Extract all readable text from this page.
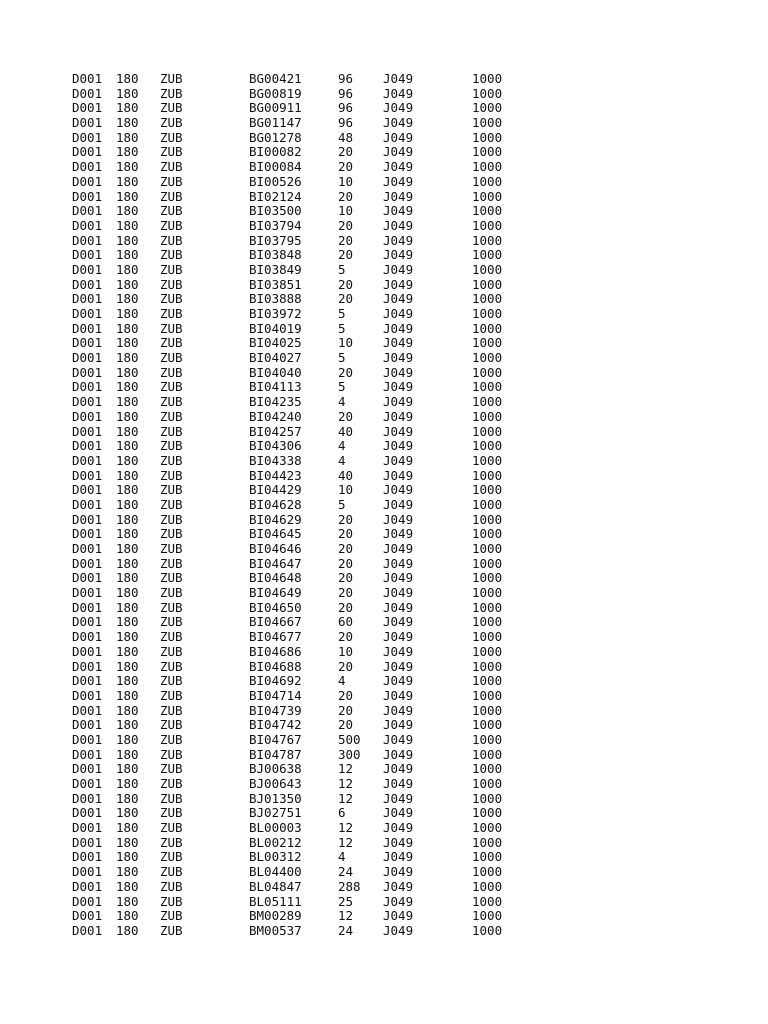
D001 180 ZUB	BG00421	96 J049	1000
D001 180 ZUB	BG00819	96 J049	1000
D001 180 ZUB	BG00911	96 J049	1000
D001 180 ZUB	BG01147	96 J049	1000
D001 180 ZUB	BG01278	48 J049	1000
D001 180 ZUB	BI00082	20 J049	1000
D001 180 ZUB	BI00084	20 J049	1000
D001 180 ZUB	BI00526	10 J049	1000
D001 180 ZUB	BI02124	20 J049	1000
D001 180 ZUB	BI03500	10 J049	1000
D001 180 ZUB	BI03794	20 J049	1000
D001 180 ZUB	BI03795	20 J049	1000
D001 180 ZUB	BI03848	20 J049	1000
D001 180 ZUB	BI03849	5	J049	1000
D001 180 ZUB	BI03851	20 J049	1000
D001 180 ZUB	BI03888	20 J049	1000
D001 180 ZUB	BI03972	5	J049	1000
D001 180 ZUB	BI04019	5	J049	1000
D001 180 ZUB	BI04025	10 J049	1000
D001 180 ZUB	BI04027	5	J049	1000
D001 180 ZUB	BI04040	20 J049	1000
D001 180 ZUB	BI04113	5	J049	1000
D001 180 ZUB	BI04235	4	J049	1000
D001 180 ZUB	BI04240	20 J049	1000
D001 180 ZUB	BI04257	40 J049	1000
D001 180 ZUB	BI04306	4	J049	1000
D001 180 ZUB	BI04338	4	J049	1000
D001 180 ZUB	BI04423	40 J049	1000
D001 180 ZUB	BI04429	10 J049	1000
D001 180 ZUB	BI04628	5	J049	1000
D001 180 ZUB	BI04629	20 J049	1000
D001 180 ZUB	BI04645	20 J049	1000
D001 180 ZUB	BI04646	20 J049	1000
D001 180 ZUB	BI04647	20 J049	1000
D001 180 ZUB	BI04648	20 J049	1000
D001 180 ZUB	BI04649	20 J049	1000
D001 180 ZUB	BI04650	20 J049	1000
D001 180 ZUB	BI04667	60 J049	1000
D001 180 ZUB	BI04677	20 J049	1000
D001 180 ZUB	BI04686	10 J049	1000
D001 180 ZUB	BI04688	20 J049	1000
D001 180 ZUB	BI04692	4	J049	1000
D001 180 ZUB	BI04714	20 J049	1000
D001 180 ZUB	BI04739	20 J049	1000
D001 180 ZUB	BI04742	20 J049	1000
D001 180 ZUB	BI04767	500 J049	1000
D001 180 ZUB	BI04787	300 J049	1000
D001 180 ZUB	BJ00638	12 J049	1000
D001 180 ZUB	BJ00643	12 J049	1000
D001 180 ZUB	BJ01350	12 J049	1000
D001 180 ZUB	BJ02751	6	J049	1000
D001 180 ZUB	BL00003	12 J049	1000
D001 180 ZUB	BL00212	12 J049	1000
D001 180 ZUB	BL00312	4	J049	1000
D001 180 ZUB	BL04400	24 J049	1000
D001 180 ZUB	BL04847	288 J049	1000
D001 180 ZUB	BL05111	25 J049	1000
D001 180 ZUB	BM00289	12 J049	1000
D001 180 ZUB	BM00537	24 J049	1000
